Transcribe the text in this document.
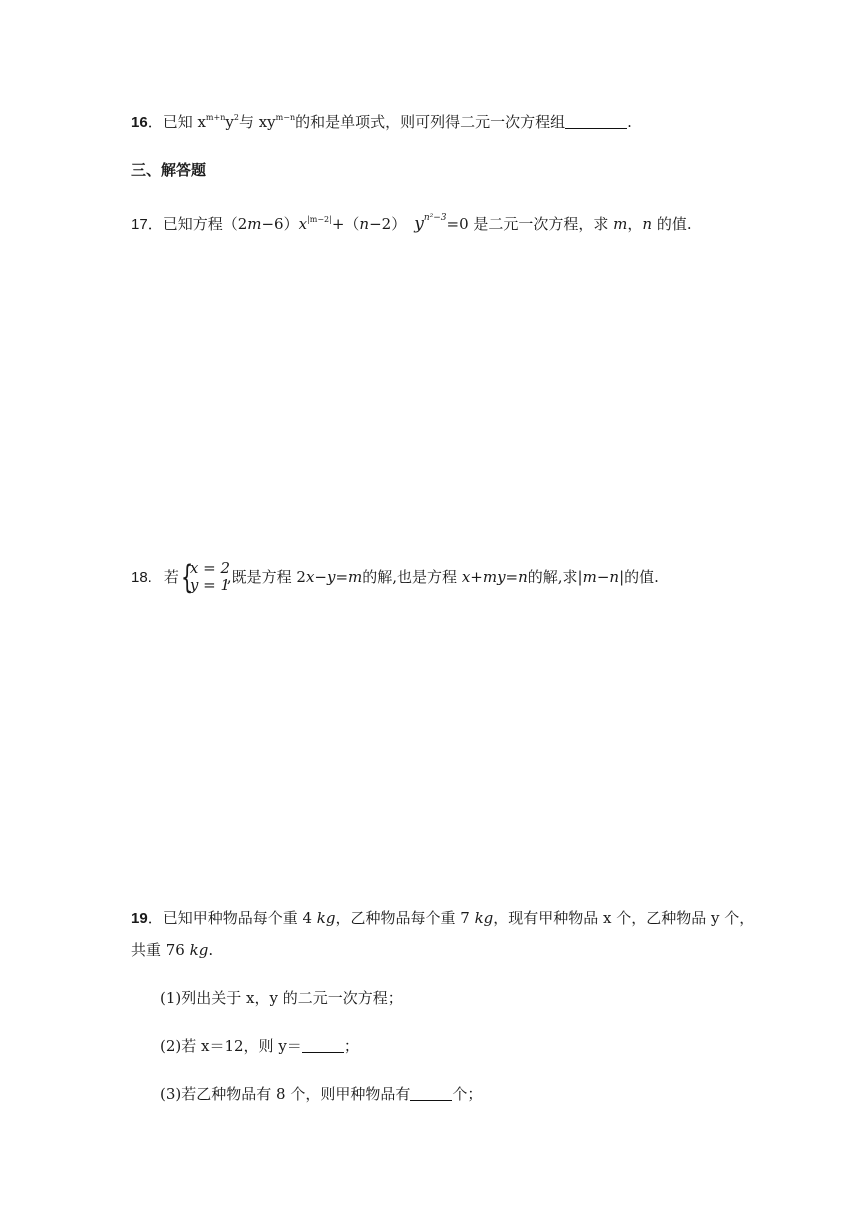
16．已知 $x^{m+n}y^2$与 $xy^{m-n}$的和是单项式，则可列得二元一次方程组	.
三、解答题
17．已知方程$(2m-6)x^{|m-2|}+(n-2)$ $y^{n^2-3}=0$ 是二元一次方程，求 m，n 的值.
18. 若 {
x = 2
y = 1
,既是方程 2x−y=m的解,也是方程 x+my=n的解,求|m−n|的值.
19．已知甲种物品每个重 4 kg，乙种物品每个重 7 kg，现有甲种物品 x 个，乙种物品 y 个，
共重 76 kg.
(1)列出关于 x，y 的二元一次方程；
(2)若 x＝12，则 y＝	；
(3)若乙种物品有 8 个，则甲种物品有	个；
